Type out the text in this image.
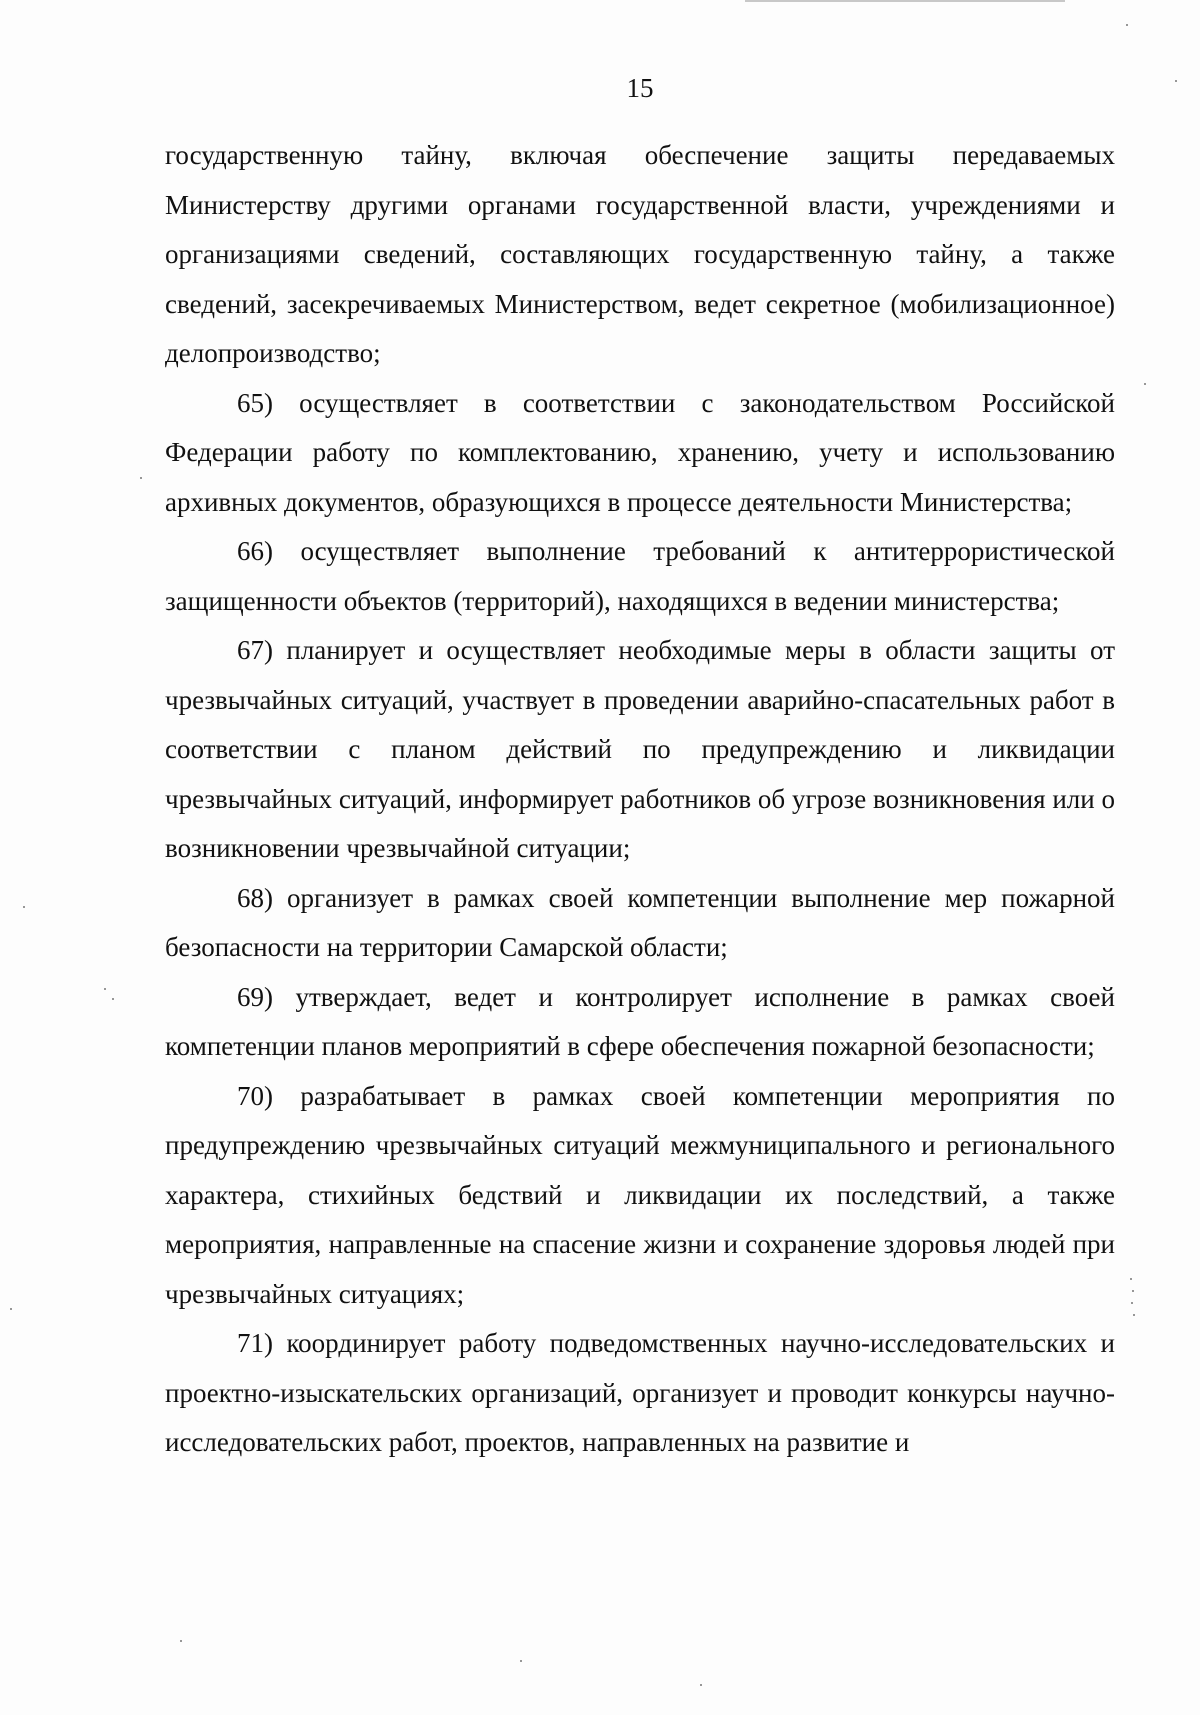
15

государственную тайну, включая обеспечение защиты передаваемых Министерству другими органами государственной власти, учреждениями и организациями сведений, составляющих государственную тайну, а также сведений, засекречиваемых Министерством, ведет секретное (мобилизационное) делопроизводство;

65) осуществляет в соответствии с законодательством Российской Федерации работу по комплектованию, хранению, учету и использованию архивных документов, образующихся в процессе деятельности Министерства;

66) осуществляет выполнение требований к антитеррористической защищенности объектов (территорий), находящихся в ведении министерства;

67) планирует и осуществляет необходимые меры в области защиты от чрезвычайных ситуаций, участвует в проведении аварийно-спасательных работ в соответствии с планом действий по предупреждению и ликвидации чрезвычайных ситуаций, информирует работников об угрозе возникновения или о возникновении чрезвычайной ситуации;

68) организует в рамках своей компетенции выполнение мер пожарной безопасности на территории Самарской области;

69) утверждает, ведет и контролирует исполнение в рамках своей компетенции планов мероприятий в сфере обеспечения пожарной безопасности;

70) разрабатывает в рамках своей компетенции мероприятия по предупреждению чрезвычайных ситуаций межмуниципального и регионального характера, стихийных бедствий и ликвидации их последствий, а также мероприятия, направленные на спасение жизни и сохранение здоровья людей при чрезвычайных ситуациях;

71) координирует работу подведомственных научно-исследовательских и проектно-изыскательских организаций, организует и проводит конкурсы научно-исследовательских работ, проектов, направленных на развитие и
